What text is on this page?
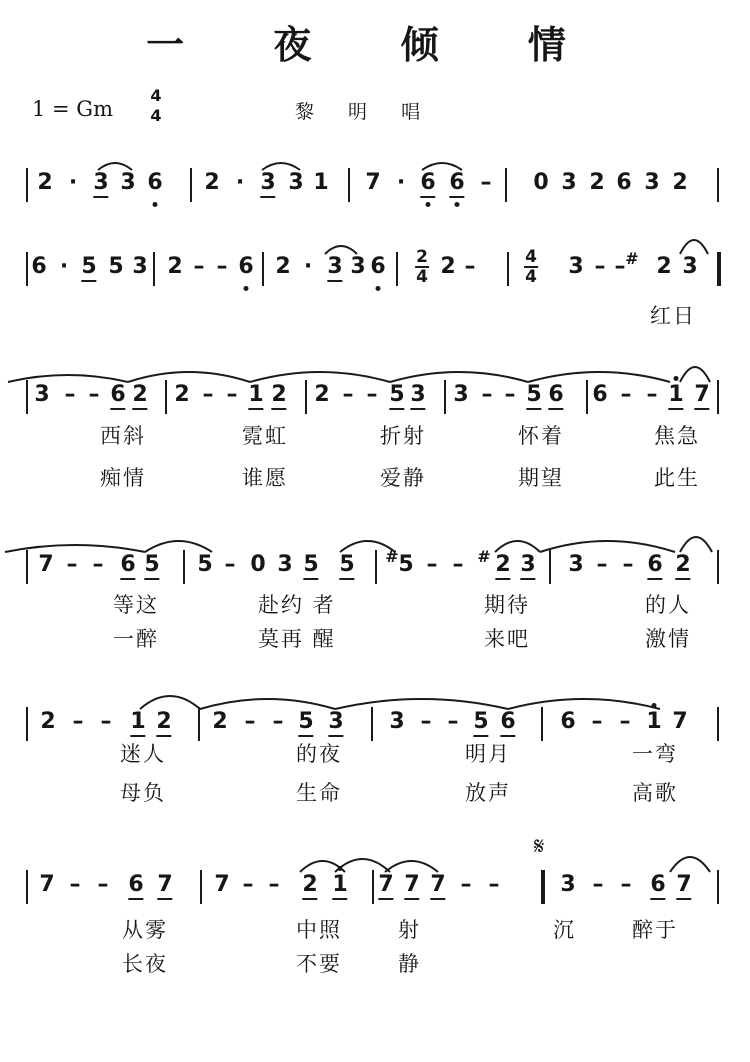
一 夜 倾 情
1 = Gm
4
4	黎 明 唱
2 · 3 3 6 2 · 3 3 1 7 · 6 6 – 0 3 2 6 3 2
$\frac{2}{4}$	$\frac{4}{4}$
6 · 5 5 3 2 – – 6 2 · 3 3 6 2 –	3 – – # 2 3
红日
3 – – 6 2 2 – – 1 2 2 – – 5 3 3 – – 5 6 6 – – 1 7
西斜	霓虹	折射	怀着	焦急
痴情	谁愿	爱静	期望	此生
7 – – 6 5 5 – 0 3 5 5 # 5 – – # 2 3 3 – – 6 2
等这	赴约 者	期待	的人
一醉	莫再 醒	来吧	激情
2 – – 1 2 2 – – 5 3 3 – – 5 6 6 – – 1 7
迷人	的夜	明月	一弯
母负	生命	放声	高歌
7 – – 6 7 7 – – 2 1 7 7 7 – –	3 – – 6 7
从雾	中照	射	沉	醉于
长夜	不要	静
𝄋
